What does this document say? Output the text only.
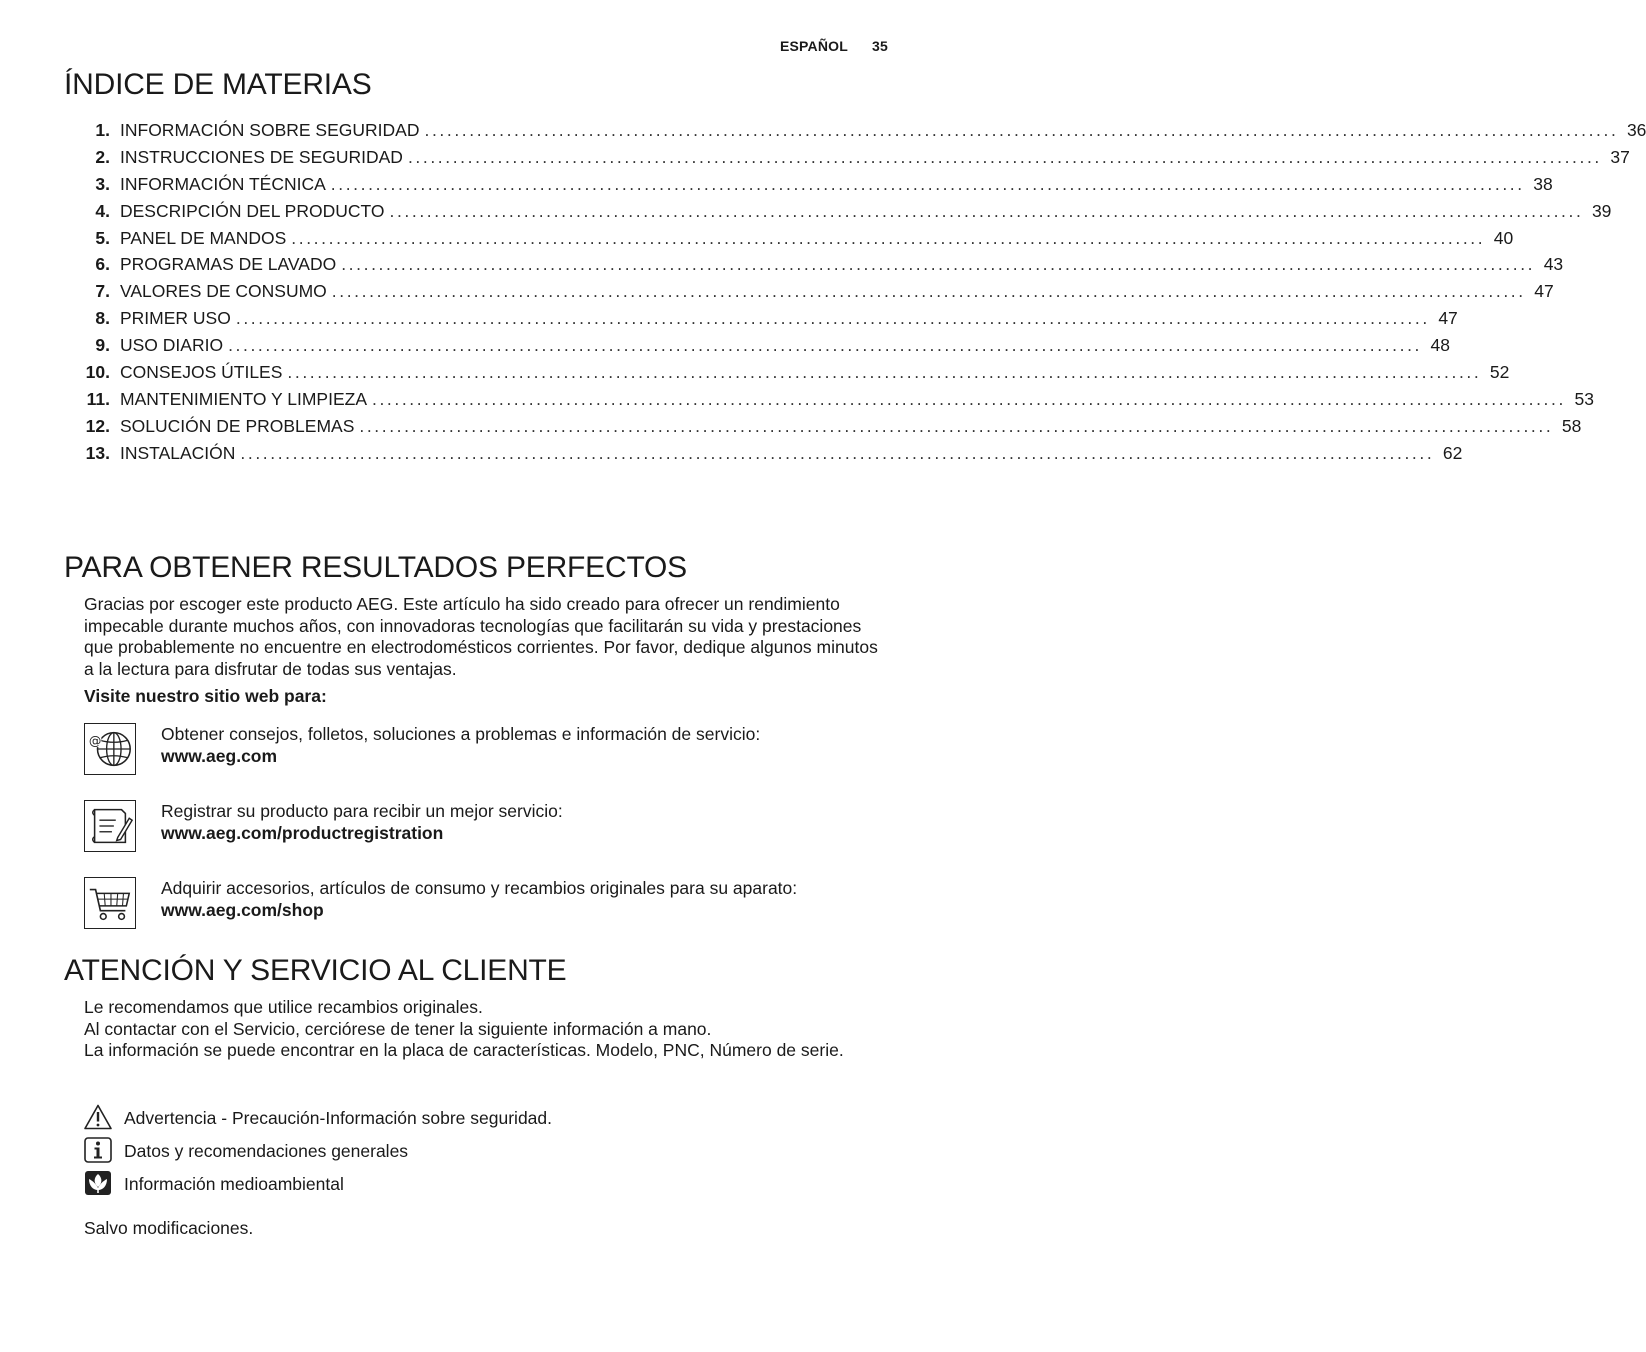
ESPAÑOL 35
ÍNDICE DE MATERIAS
1. INFORMACIÓN SOBRE SEGURIDAD ................................................................................................................................................................ 36
2. INSTRUCCIONES DE SEGURIDAD ................................................................................................................................................................ 37
3. INFORMACIÓN TÉCNICA ................................................................................................................................................................ 38
4. DESCRIPCIÓN DEL PRODUCTO ................................................................................................................................................................ 39
5. PANEL DE MANDOS ................................................................................................................................................................ 40
6. PROGRAMAS DE LAVADO ................................................................................................................................................................ 43
7. VALORES DE CONSUMO ................................................................................................................................................................ 47
8. PRIMER USO ................................................................................................................................................................ 47
9. USO DIARIO ................................................................................................................................................................ 48
10. CONSEJOS ÚTILES ................................................................................................................................................................ 52
11. MANTENIMIENTO Y LIMPIEZA ................................................................................................................................................................ 53
12. SOLUCIÓN DE PROBLEMAS ................................................................................................................................................................ 58
13. INSTALACIÓN ................................................................................................................................................................ 62
PARA OBTENER RESULTADOS PERFECTOS
Gracias por escoger este producto AEG. Este artículo ha sido creado para ofrecer un rendimiento impecable durante muchos años, con innovadoras tecnologías que facilitarán su vida y prestaciones que probablemente no encuentre en electrodomésticos corrientes. Por favor, dedique algunos minutos a la lectura para disfrutar de todas sus ventajas.
Visite nuestro sitio web para:
@	Obtener consejos, folletos, soluciones a problemas e información de servicio:
www.aeg.com
Registrar su producto para recibir un mejor servicio:
www.aeg.com/productregistration
Adquirir accesorios, artículos de consumo y recambios originales para su aparato:
www.aeg.com/shop
ATENCIÓN Y SERVICIO AL CLIENTE
Le recomendamos que utilice recambios originales.
Al contactar con el Servicio, cerciórese de tener la siguiente información a mano.
La información se puede encontrar en la placa de características. Modelo, PNC, Número de serie.
Advertencia - Precaución-Información sobre seguridad.
Datos y recomendaciones generales
Información medioambiental
Salvo modificaciones.
